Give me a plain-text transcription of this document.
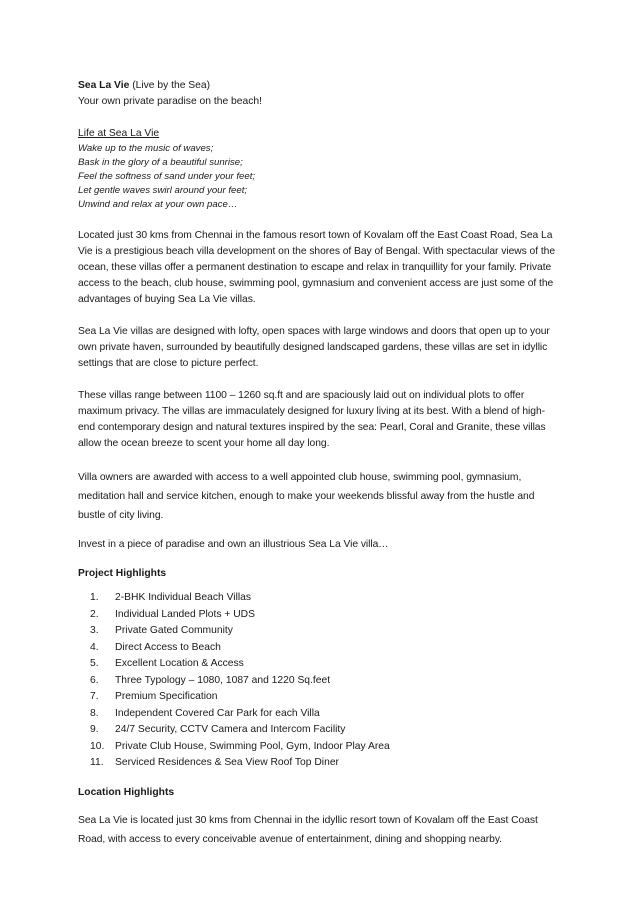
Sea La Vie (Live by the Sea)

Your own private paradise on the beach!

Life at Sea La Vie

Wake up to the music of waves;

Bask in the glory of a beautiful sunrise;

Feel the softness of sand under your feet;

Let gentle waves swirl around your feet;

Unwind and relax at your own pace…

Located just 30 kms from Chennai in the famous resort town of Kovalam off the East Coast Road, Sea La Vie is a prestigious beach villa development on the shores of Bay of Bengal. With spectacular views of the ocean, these villas offer a permanent destination to escape and relax in tranquillity for your family. Private access to the beach, club house, swimming pool, gymnasium and convenient access are just some of the advantages of buying Sea La Vie villas.

Sea La Vie villas are designed with lofty, open spaces with large windows and doors that open up to your own private haven, surrounded by beautifully designed landscaped gardens, these villas are set in idyllic settings that are close to picture perfect.

These villas range between 1100 – 1260 sq.ft and are spaciously laid out on individual plots to offer maximum privacy. The villas are immaculately designed for luxury living at its best. With a blend of high-end contemporary design and natural textures inspired by the sea: Pearl, Coral and Granite, these villas allow the ocean breeze to scent your home all day long.

Villa owners are awarded with access to a well appointed club house, swimming pool, gymnasium, meditation hall and service kitchen, enough to make your weekends blissful away from the hustle and bustle of city living.

Invest in a piece of paradise and own an illustrious Sea La Vie villa…

Project Highlights

1.	2-BHK Individual Beach Villas
2.	Individual Landed Plots + UDS
3.	Private Gated Community
4.	Direct Access to Beach
5.	Excellent Location & Access
6.	Three Typology – 1080, 1087 and 1220 Sq.feet
7.	Premium Specification
8.	Independent Covered Car Park for each Villa
9.	24/7 Security, CCTV Camera and Intercom Facility
10.	Private Club House, Swimming Pool, Gym, Indoor Play Area
11.	Serviced Residences & Sea View Roof Top Diner

Location Highlights

Sea La Vie is located just 30 kms from Chennai in the idyllic resort town of Kovalam off the East Coast Road, with access to every conceivable avenue of entertainment, dining and shopping nearby.
